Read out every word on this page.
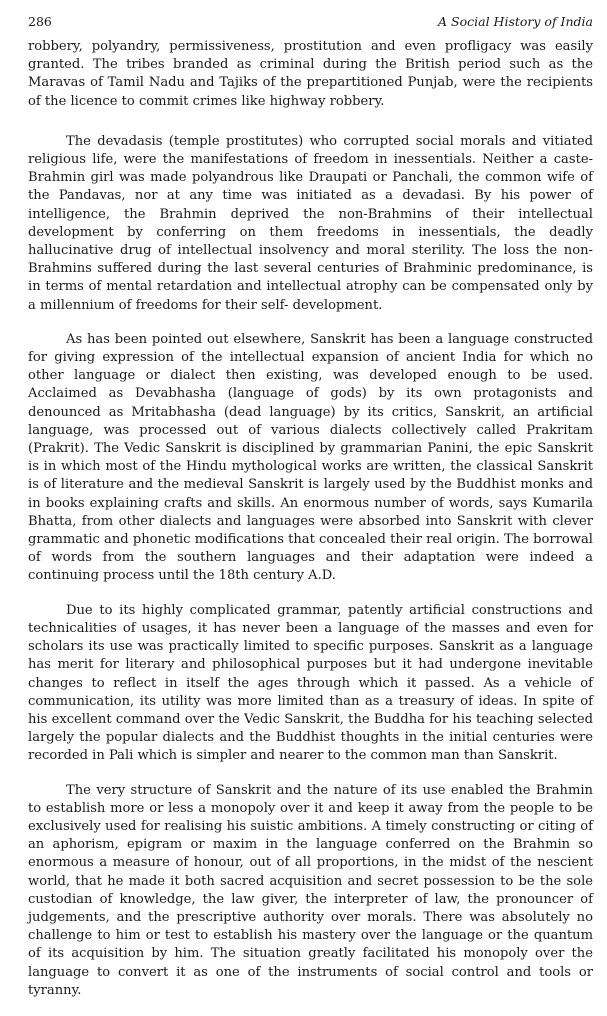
286	A Social History of India

robbery, polyandry, permissiveness, prostitution and even profligacy was easily granted. The tribes branded as criminal during the British period such as the Maravas of Tamil Nadu and Tajiks of the prepartitioned Punjab, were the recipients of the licence to commit crimes like highway robbery.

The devadasis (temple prostitutes) who corrupted social morals and vitiated religious life, were the manifestations of freedom in inessentials. Neither a caste-Brahmin girl was made polyandrous like Draupati or Panchali, the common wife of the Pandavas, nor at any time was initiated as a devadasi. By his power of intelligence, the Brahmin deprived the non-Brahmins of their intellectual development by conferring on them freedoms in inessentials, the deadly hallucinative drug of intellectual insolvency and moral sterility. The loss the non-Brahmins suffered during the last several centuries of Brahminic predominance, is in terms of mental retardation and intellectual atrophy can be compensated only by a millennium of freedoms for their self- development.

As has been pointed out elsewhere, Sanskrit has been a language constructed for giving expression of the intellectual expansion of ancient India for which no other language or dialect then existing, was developed enough to be used. Acclaimed as Devabhasha (language of gods) by its own protagonists and denounced as Mritabhasha (dead language) by its critics, Sanskrit, an artificial language, was processed out of various dialects collectively called Prakritam (Prakrit). The Vedic Sanskrit is disciplined by grammarian Panini, the epic Sanskrit is in which most of the Hindu mythological works are written, the classical Sanskrit is of literature and the medieval Sanskrit is largely used by the Buddhist monks and in books explaining crafts and skills. An enormous number of words, says Kumarila Bhatta, from other dialects and languages were absorbed into Sanskrit with clever grammatic and phonetic modifications that concealed their real origin. The borrowal of words from the southern languages and their adaptation were indeed a continuing process until the 18th century A.D.

Due to its highly complicated grammar, patently artificial constructions and technicalities of usages, it has never been a language of the masses and even for scholars its use was practically limited to specific purposes. Sanskrit as a language has merit for literary and philosophical purposes but it had undergone inevitable changes to reflect in itself the ages through which it passed. As a vehicle of communication, its utility was more limited than as a treasury of ideas. In spite of his excellent command over the Vedic Sanskrit, the Buddha for his teaching selected largely the popular dialects and the Buddhist thoughts in the initial centuries were recorded in Pali which is simpler and nearer to the common man than Sanskrit.

The very structure of Sanskrit and the nature of its use enabled the Brahmin to establish more or less a monopoly over it and keep it away from the people to be exclusively used for realising his suistic ambitions. A timely constructing or citing of an aphorism, epigram or maxim in the language conferred on the Brahmin so enormous a measure of honour, out of all proportions, in the midst of the nescient world, that he made it both sacred acquisition and secret possession to be the sole custodian of knowledge, the law giver, the interpreter of law, the pronouncer of judgements, and the prescriptive authority over morals. There was absolutely no challenge to him or test to establish his mastery over the language or the quantum of its acquisition by him. The situation greatly facilitated his monopoly over the language to convert it as one of the instruments of social control and tools or tyranny.
